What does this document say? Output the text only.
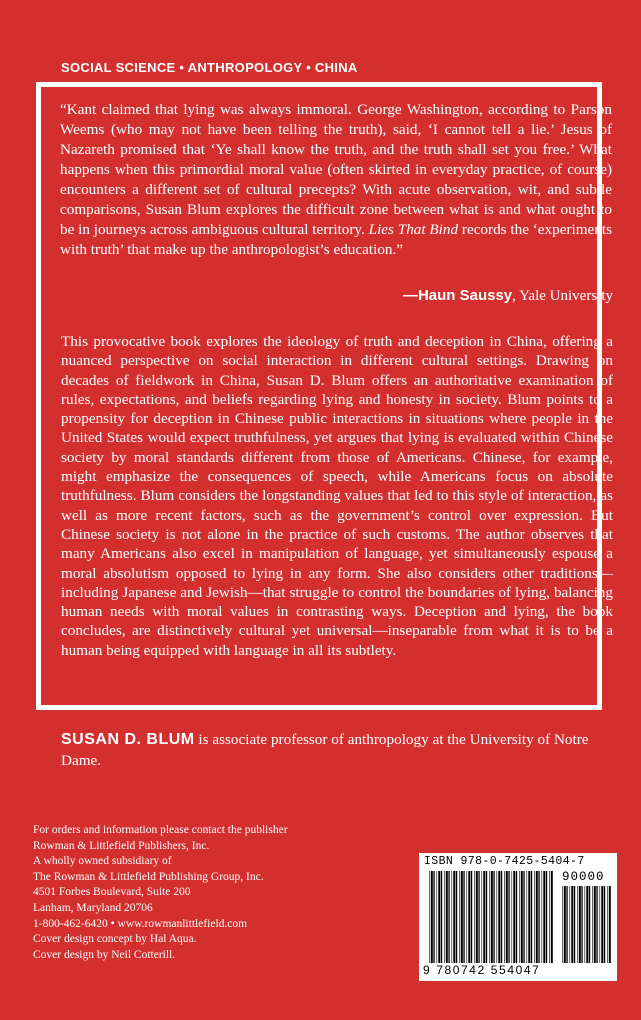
SOCIAL SCIENCE • ANTHROPOLOGY • CHINA

“Kant claimed that lying was always immoral. George Washington, according to Parson Weems (who may not have been telling the truth), said, ‘I cannot tell a lie.’ Jesus of Nazareth promised that ‘Ye shall know the truth, and the truth shall set you free.’ What happens when this primordial moral value (often skirted in everyday practice, of course) encounters a different set of cultural precepts? With acute observation, wit, and subtle comparisons, Susan Blum explores the difficult zone between what is and what ought to be in journeys across ambiguous cultural territory. Lies That Bind records the ‘experiments with truth’ that make up the anthropologist’s education.”

—Haun Saussy, Yale University

This provocative book explores the ideology of truth and deception in China, offering a nuanced perspective on social interaction in different cultural settings. Drawing on decades of fieldwork in China, Susan D. Blum offers an authoritative examination of rules, expectations, and beliefs regarding lying and honesty in society. Blum points to a propensity for deception in Chinese public interactions in situations where people in the United States would expect truthfulness, yet argues that lying is evaluated within Chinese society by moral standards different from those of Americans. Chinese, for example, might emphasize the consequences of speech, while Americans focus on absolute truthfulness. Blum considers the longstanding values that led to this style of interaction, as well as more recent factors, such as the government’s control over expression. But Chinese society is not alone in the practice of such customs. The author observes that many Americans also excel in manipulation of language, yet simultaneously espouse a moral absolutism opposed to lying in any form. She also considers other traditions—including Japanese and Jewish—that struggle to control the boundaries of lying, balancing human needs with moral values in contrasting ways. Deception and lying, the book concludes, are distinctively cultural yet universal—inseparable from what it is to be a human being equipped with language in all its subtlety.

SUSAN D. BLUM is associate professor of anthropology at the University of Notre Dame.
For orders and information please contact the publisher
Rowman & Littlefield Publishers, Inc.
A wholly owned subsidiary of
The Rowman & Littlefield Publishing Group, Inc.
4501 Forbes Boulevard, Suite 200
Lanham, Maryland 20706
1-800-462-6420 • www.rowmanlittlefield.com
Cover design concept by Hal Aqua.
Cover design by Neil Cotterill.
ISBN 978-0-7425-5404-7
90000
9 780742 554047
